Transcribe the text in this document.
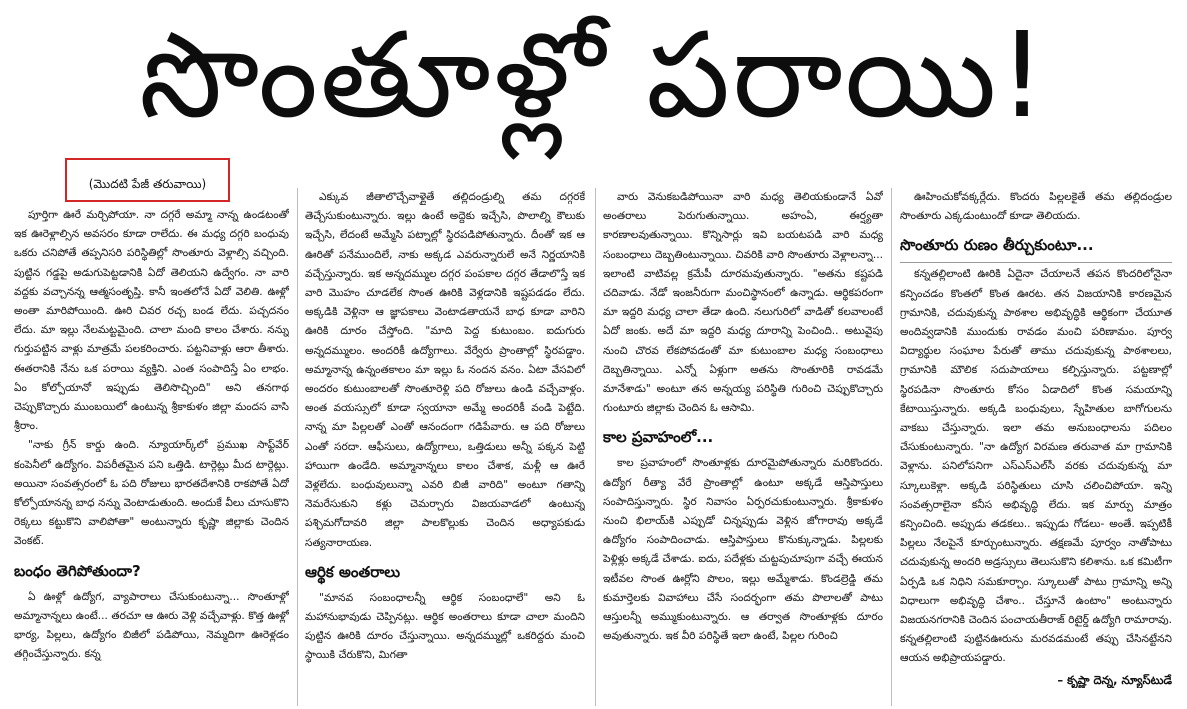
సొంతూళ్లో పరాయి!
(మొదటి పేజీ తరువాయి)

పూర్తిగా ఊరే మర్చిపోయా. నా దగ్గరే అమ్మా నాన్న ఉండటంతో ఇక ఊరెళ్లాల్సిన అవసరం కూడా రాలేదు. ఈ మధ్య దగ్గరి బంధువు ఒకరు చనిపోతే తప్పనిసరి పరిస్థితిల్లో సొంతూరు వెళ్లాల్సి వచ్చింది. పుట్టిన గడ్డపై అడుగుపెట్టడానికి ఏదో తెలియని ఉద్వేగం. నా వారి వద్దకు వచ్చానన్న ఆత్మసంతృప్తి. కానీ ఇంతలోనే ఏదో వెలితి. ఊళ్లో అంతా మారిపోయింది. ఊరి చివర రచ్చ బండ లేదు. పచ్చదనం లేదు. మా ఇల్లు నేలమట్టమైంది. చాలా మంది కాలం చేశారు. నన్ను గుర్తుపట్టిన వాళ్లు మాత్రమే పలకరించారు. పట్టనివాళ్లు ఆరా తీశారు. ఈతరానికి నేను ఒక పరాయి వ్యక్తిని. ఎంత సంపాదిస్తే ఏం లాభం. ఏం కోల్పోయానో ఇప్పుడు తెలిసొచ్చింది" అని తనగాథ చెప్పుకొచ్చారు ముంబయిలో ఉంటున్న శ్రీకాకుళం జిల్లా మందస వాసి శ్రీరాం.

"నాకు గ్రీన్ కార్డు ఉంది. న్యూయార్క్‌లో ప్రముఖ సాఫ్ట్‌వేర్ కంపెనీలో ఉద్యోగం. విపరీతమైన పని ఒత్తిడి. టార్గెట్లు మీద టార్గెట్లు. అయినా సంవత్సరంలో ఓ పది రోజులు భారతదేశానికి రాకపోతే ఏదో కోల్పోయానన్న బాధ నన్ను వెంటాడుతుంది. అందుకే వీలు చూసుకొని రెక్కలు కట్టుకొని వాలిపోతా" అంటున్నారు కృష్ణా జిల్లాకు చెందిన వెంకట్.

బంధం తెగిపోతుందా?

ఏ ఊళ్లో ఉద్యోగ, వ్యాపారాలు చేసుకుంటున్నా... సొంతూళ్లో అమ్మానాన్నలు ఉంటే... తరచూ ఆ ఊరు వెళ్లి వచ్చేవాళ్లు. కొత్త ఊళ్లో భార్య, పిల్లలు, ఉద్యోగం బిజీలో పడిపోయి, నెమ్మదిగా ఊరెళ్లడం తగ్గించేస్తున్నారు. కన్న

ఎక్కువ జీతాలొచ్చేవాళ్లైతే తల్లిదండ్రుల్ని తమ దగ్గరకే తెచ్చేసుకుంటున్నారు. ఇల్లు ఉంటే అద్దెకు ఇచ్చేసి, పొలాల్ని కౌలుకు ఇచ్చేసి, లేదంటే అమ్మేసి పట్నాల్లో స్థిరపడిపోతున్నారు. దీంతో ఇక ఆ ఊరితో పనేముందిలే, నాకు అక్కడ ఎవరున్నారులే అనే నిర్ణయానికి వచ్చేస్తున్నారు. ఇక అన్నదమ్ముల దగ్గర పంపకాల దగ్గర తేడాలొస్తే ఇక వారి మొహం చూడలేక సొంత ఊరికి వెళ్లడానికి ఇష్టపడడం లేదు. అక్కడికి వెళ్లినా ఆ జ్ఞాపకాలు వెంటాడతాయనే బాధ కూడా వారిని ఊరికి దూరం చేస్తోంది. "మాది పెద్ద కుటుంబం. ఐదుగురు అన్నదమ్ములం. అందరికీ ఉద్యోగాలు. వేర్వేరు ప్రాంతాల్లో స్థిరపడ్డాం. అమ్మానాన్న ఉన్నంతకాలం మా ఇల్లు ఓ నందన వనం. ఏటా వేసవిలో అందరం కుటుంబాలతో సొంతూరెళ్లి పది రోజులు ఉండి వచ్చేవాళ్లం. అంత వయస్సులో కూడా స్వయానా అమ్మే అందరికీ వండి పెట్టేది. నాన్న మా పిల్లలతో ఎంతో ఆనందంగా గడిపేవారు. ఆ పది రోజులు ఎంతో సరదా. ఆఫీసులు, ఉద్యోగాలు, ఒత్తిడులు అన్నీ పక్కన పెట్టి హాయిగా ఉండేది. అమ్మానాన్నలు కాలం చేశాక, మళ్లీ ఆ ఊరే వెళ్లలేదు. బంధువులున్నా ఎవరి బిజీ వారిది" అంటూ గతాన్ని నెమరేసుకుని కళ్లు చెమర్చారు విజయవాడలో ఉంటున్న పశ్చిమగోదావరి జిల్లా పాలకొల్లుకు చెందిన అధ్యాపకుడు సత్యనారాయణ.

ఆర్థిక అంతరాలు

"మానవ సంబంధాలన్నీ ఆర్థిక సంబంధాలే" అని ఓ మహానుభావుడు చెప్పినట్లు. ఆర్థిక అంతరాలు కూడా చాలా మందిని పుట్టిన ఊరికి దూరం చేస్తున్నాయి. అన్నదమ్ముల్లో ఒకరిద్దరు మంచి స్థాయికి చేరుకొని, మిగతా

వారు వెనుకబడిపోయినా వారి మధ్య తెలియకుండానే ఏవో అంతరాలు పెరుగుతున్నాయి. అహంఏ, ఈర్ష్యతా కారణాలవుతున్నాయి. కొన్నిసార్లు ఇవి బయటపడి వారి మధ్య సంబంధాలు దెబ్బతింటున్నాయి. చివరికి వారి సొంతూరు వెళ్లాలన్నా... ఇలాంటి వాటివల్ల క్రమేపీ దూరమవుతున్నారు. "అతను కష్టపడి చదివాడు. నేడో ఇంజనీరుగా మంచిస్థానంలో ఉన్నాడు. ఆర్థికపరంగా మా ఇద్దరి మధ్య చాలా తేడా ఉంది. నలుగురిలో వాడితో కలవాలంటే ఏదో జంకు. అదే మా ఇద్దరి మధ్య దూరాన్ని పెంచింది.. అటువైపు నుంచి చొరవ లేకపోవడంతో మా కుటుంబాల మధ్య సంబంధాలు దెబ్బతిన్నాయి. ఎన్నో ఏళ్లుగా అతను సొంతూరికి రావడమే మానేశాడు" అంటూ తన అన్నయ్య పరిస్థితి గురించి చెప్పుకొచ్చారు గుంటూరు జిల్లాకు చెందిన ఓ ఆసామి.

కాల ప్రవాహంలో...

కాల ప్రవాహంలో సొంతూళ్లకు దూరమైపోతున్నారు మరికొందరు. ఉద్యోగ రీత్యా వేరే ప్రాంతాల్లో ఉంటూ అక్కడే ఆస్తిపాస్తులు సంపాదిస్తున్నారు. స్థిర నివాసం ఏర్పరచుకుంటున్నారు. శ్రీకాకుళం నుంచి భిలాయ్‌కి ఎప్పుడో చిన్నప్పుడు వెళ్లిన జోగారావు అక్కడే ఉద్యోగం సంపాదించాడు. ఆస్తిపాస్తులు కొనుక్కున్నాడు. పిల్లలకు పెళ్లిళ్లు అక్కడే చేశాడు. ఐదు, పదేళ్లకు చుట్టపుచూపుగా వచ్చే ఈయన ఇటీవల సొంత ఊర్లోని పొలం, ఇల్లు అమ్మేశాడు. కొండల్రెడ్డి తమ కుమార్తెలకు వివాహాలు చేసే సందర్భంగా తమ పొలాలతో పాటు ఆస్తులన్నీ అమ్ముకుంటున్నారు. ఆ తర్వాత సొంతూళ్లకు దూరం అవుతున్నారు. ఇక వీరి పరిస్థితే ఇలా ఉంటే, పిల్లల గురించి

ఊహించుకోవక్కర్లేదు. కొందరు పిల్లలకైతే తమ తల్లిదండ్రుల సొంతూరు ఎక్కడుంటుందో కూడా తెలియదు.

సొంతూరు రుణం తీర్చుకుంటూ...

కన్నతల్లిలాంటి ఊరికి ఏదైనా చేయాలనే తపన కొందరిలోనైనా కన్పించడం కొంతలో కొంత ఊరట. తన విజయానికి కారణమైన గ్రామానికి, చదువుకున్న పాఠశాల అభివృద్ధికి ఆర్థికంగా చేయూత అందివ్వడానికి ముందుకు రావడం మంచి పరిణామం. పూర్వ విద్యార్థుల సంఘాల పేరుతో తాము చదువుకున్న పాఠశాలలు, గ్రామానికి మౌలిక సదుపాయాలు కల్పిస్తున్నారు. పట్టణాల్లో స్థిరపడినా సొంతూరు కోసం ఏడాదిలో కొంత సమయాన్ని కేటాయిస్తున్నారు. అక్కడి బంధువులు, స్నేహితుల బాగోగులను వాకబు చేస్తున్నారు. ఇలా తమ అనుబంధాలను పదిలం చేసుకుంటున్నారు. "నా ఉద్యోగ విరమణ తరువాత మా గ్రామానికి వెళ్లాను. పనిలోపనిగా ఎస్‌ఎస్‌ఎల్‌సీ వరకు చదువుకున్న మా స్కూలుకెళ్లా. అక్కడి పరిస్థితులు చూసి చలించిపోయా. ఇన్ని సంవత్సరాలైనా కనీస అభివృద్ధి లేదు. ఇక మార్పు మాత్రం కన్పించింది. అప్పుడు తడకలు.. ఇప్పుడు గోడలు- అంతే. ఇప్పటికీ పిల్లలు నేలపైనే కూర్చుంటున్నారు. తక్షణమే పూర్వం నాతోపాటు చదువుకున్న అందరి అడ్రస్సులు తెలుసుకొని కలిశాను. ఒక కమిటీగా ఏర్పడి ఒక నిధిని సమకూర్చాం. స్కూలుతో పాటు గ్రామాన్ని అన్ని విధాలుగా అభివృద్ధి చేశాం.. చేస్తూనే ఉంటాం" అంటున్నారు విజయనగరానికి చెందిన పంచాయతీరాజ్ రిటైర్డ్ ఉద్యోగి రామారావు. కన్నతల్లిలాంటి పుట్టినఊరును మరవడమంటే తప్పు చేసినట్టేనని ఆయన అభిప్రాయపడ్డారు.

– కృష్ణా దెన్న, న్యూస్‌టుడే
